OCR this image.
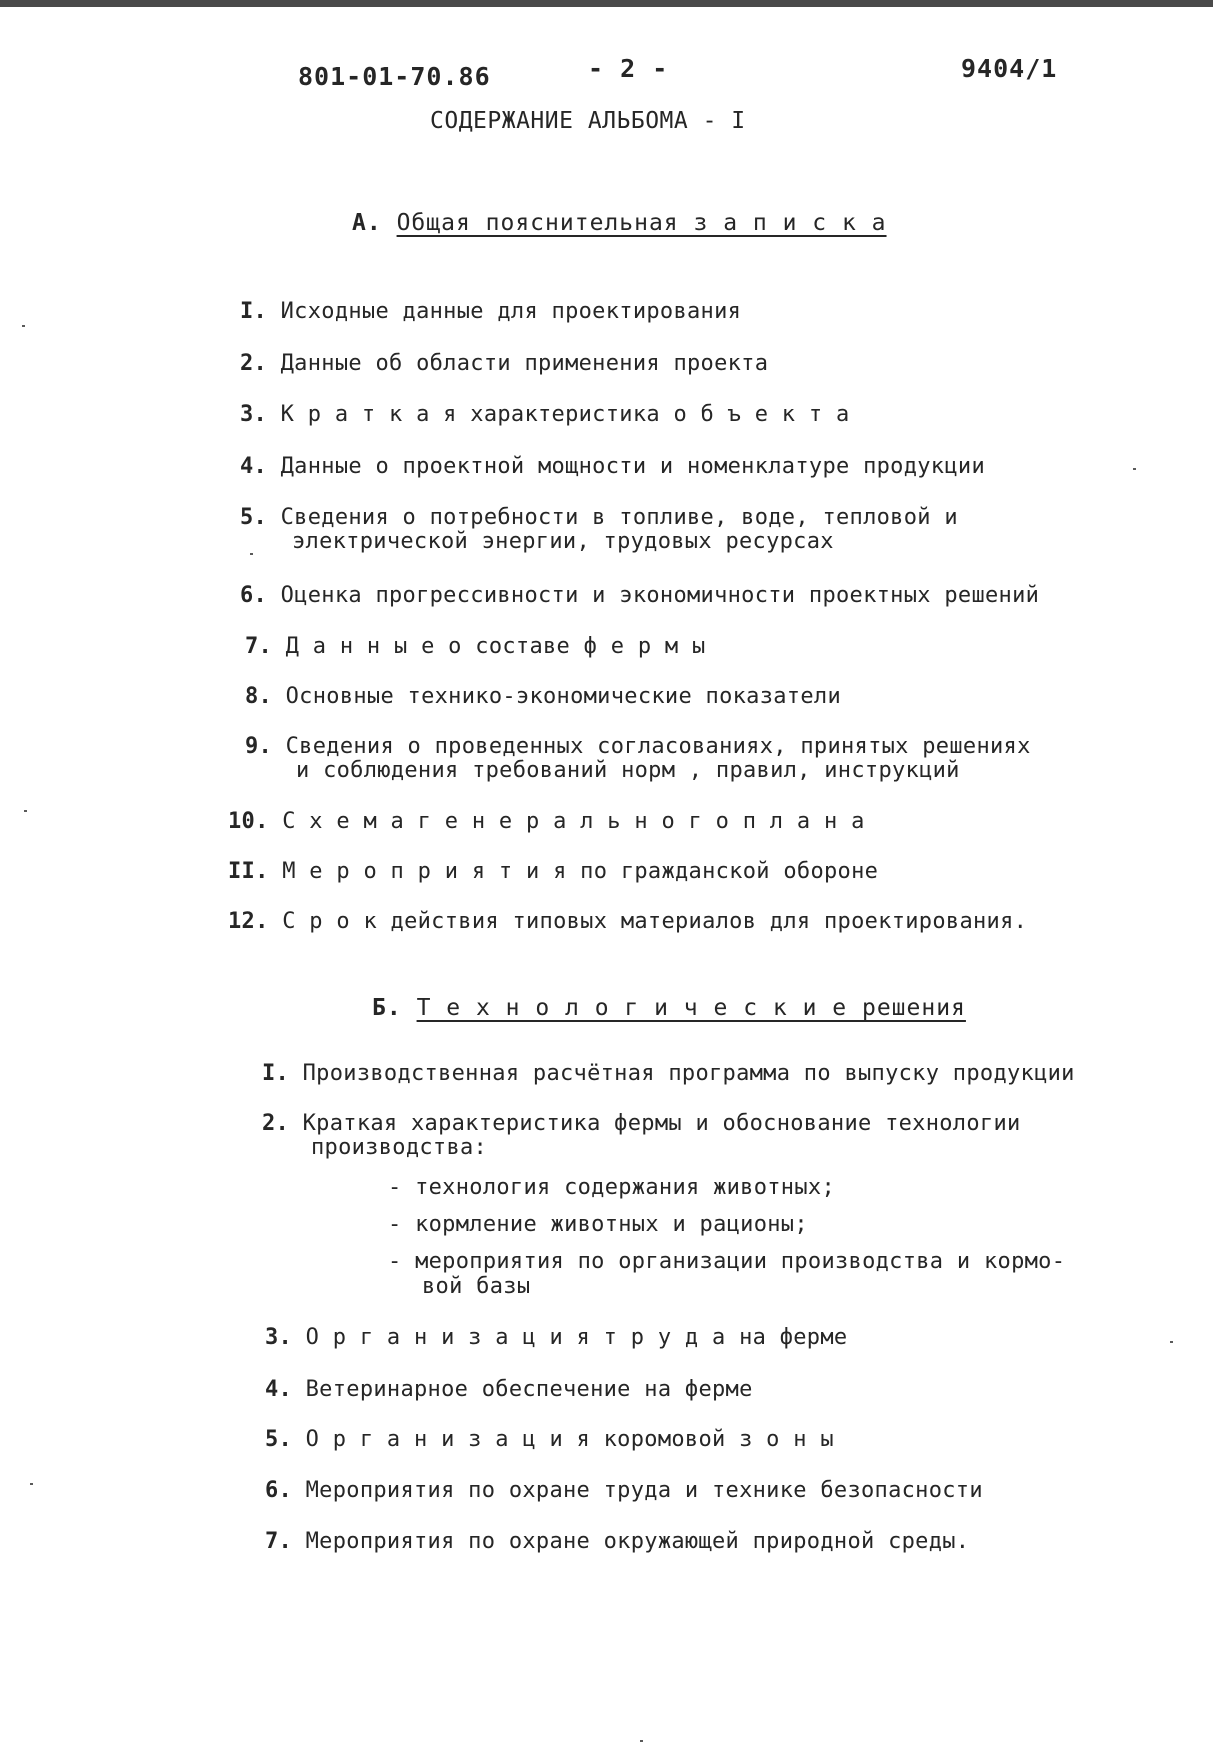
801-01-70.86	- 2 -	9404/1
СОДЕРЖАНИЕ АЛЬБОМА - I
А. Общая пояснительная з а п и с к а
I. Исходные данные для проектирования
2. Данные об области применения проекта
3. К р а т к а я характеристика о б ъ е к т а
4. Данные о проектной мощности и номенклатуре продукции
5. Сведения о потребности в топливе, воде, тепловой и
электрической энергии, трудовых ресурсах
6. Оценка прогрессивности и экономичности проектных решений
7. Д а н н ы е о составе ф е р м ы
8. Основные технико-экономические показатели
9. Сведения о проведенных согласованиях, принятых решениях
и соблюдения требований норм , правил, инструкций
10. С х е м а г е н е р а л ь н о г о п л а н а
II. М е р о п р и я т и я по гражданской обороне
12. С р о к действия типовых материалов для проектирования.
Б. Т е х н о л о г и ч е с к и е решения
I. Производственная расчётная программа по выпуску продукции
2. Краткая характеристика фермы и обоснование технологии
производства:
- технология содержания животных;
- кормление животных и рационы;
- мероприятия по организации производства и кормо-
вой базы
3. О р г а н и з а ц и я т р у д а на ферме
4. Ветеринарное обеспечение на ферме
5. О р г а н и з а ц и я коромовой з о н ы
6. Мероприятия по охране труда и технике безопасности
7. Мероприятия по охране окружающей природной среды.
